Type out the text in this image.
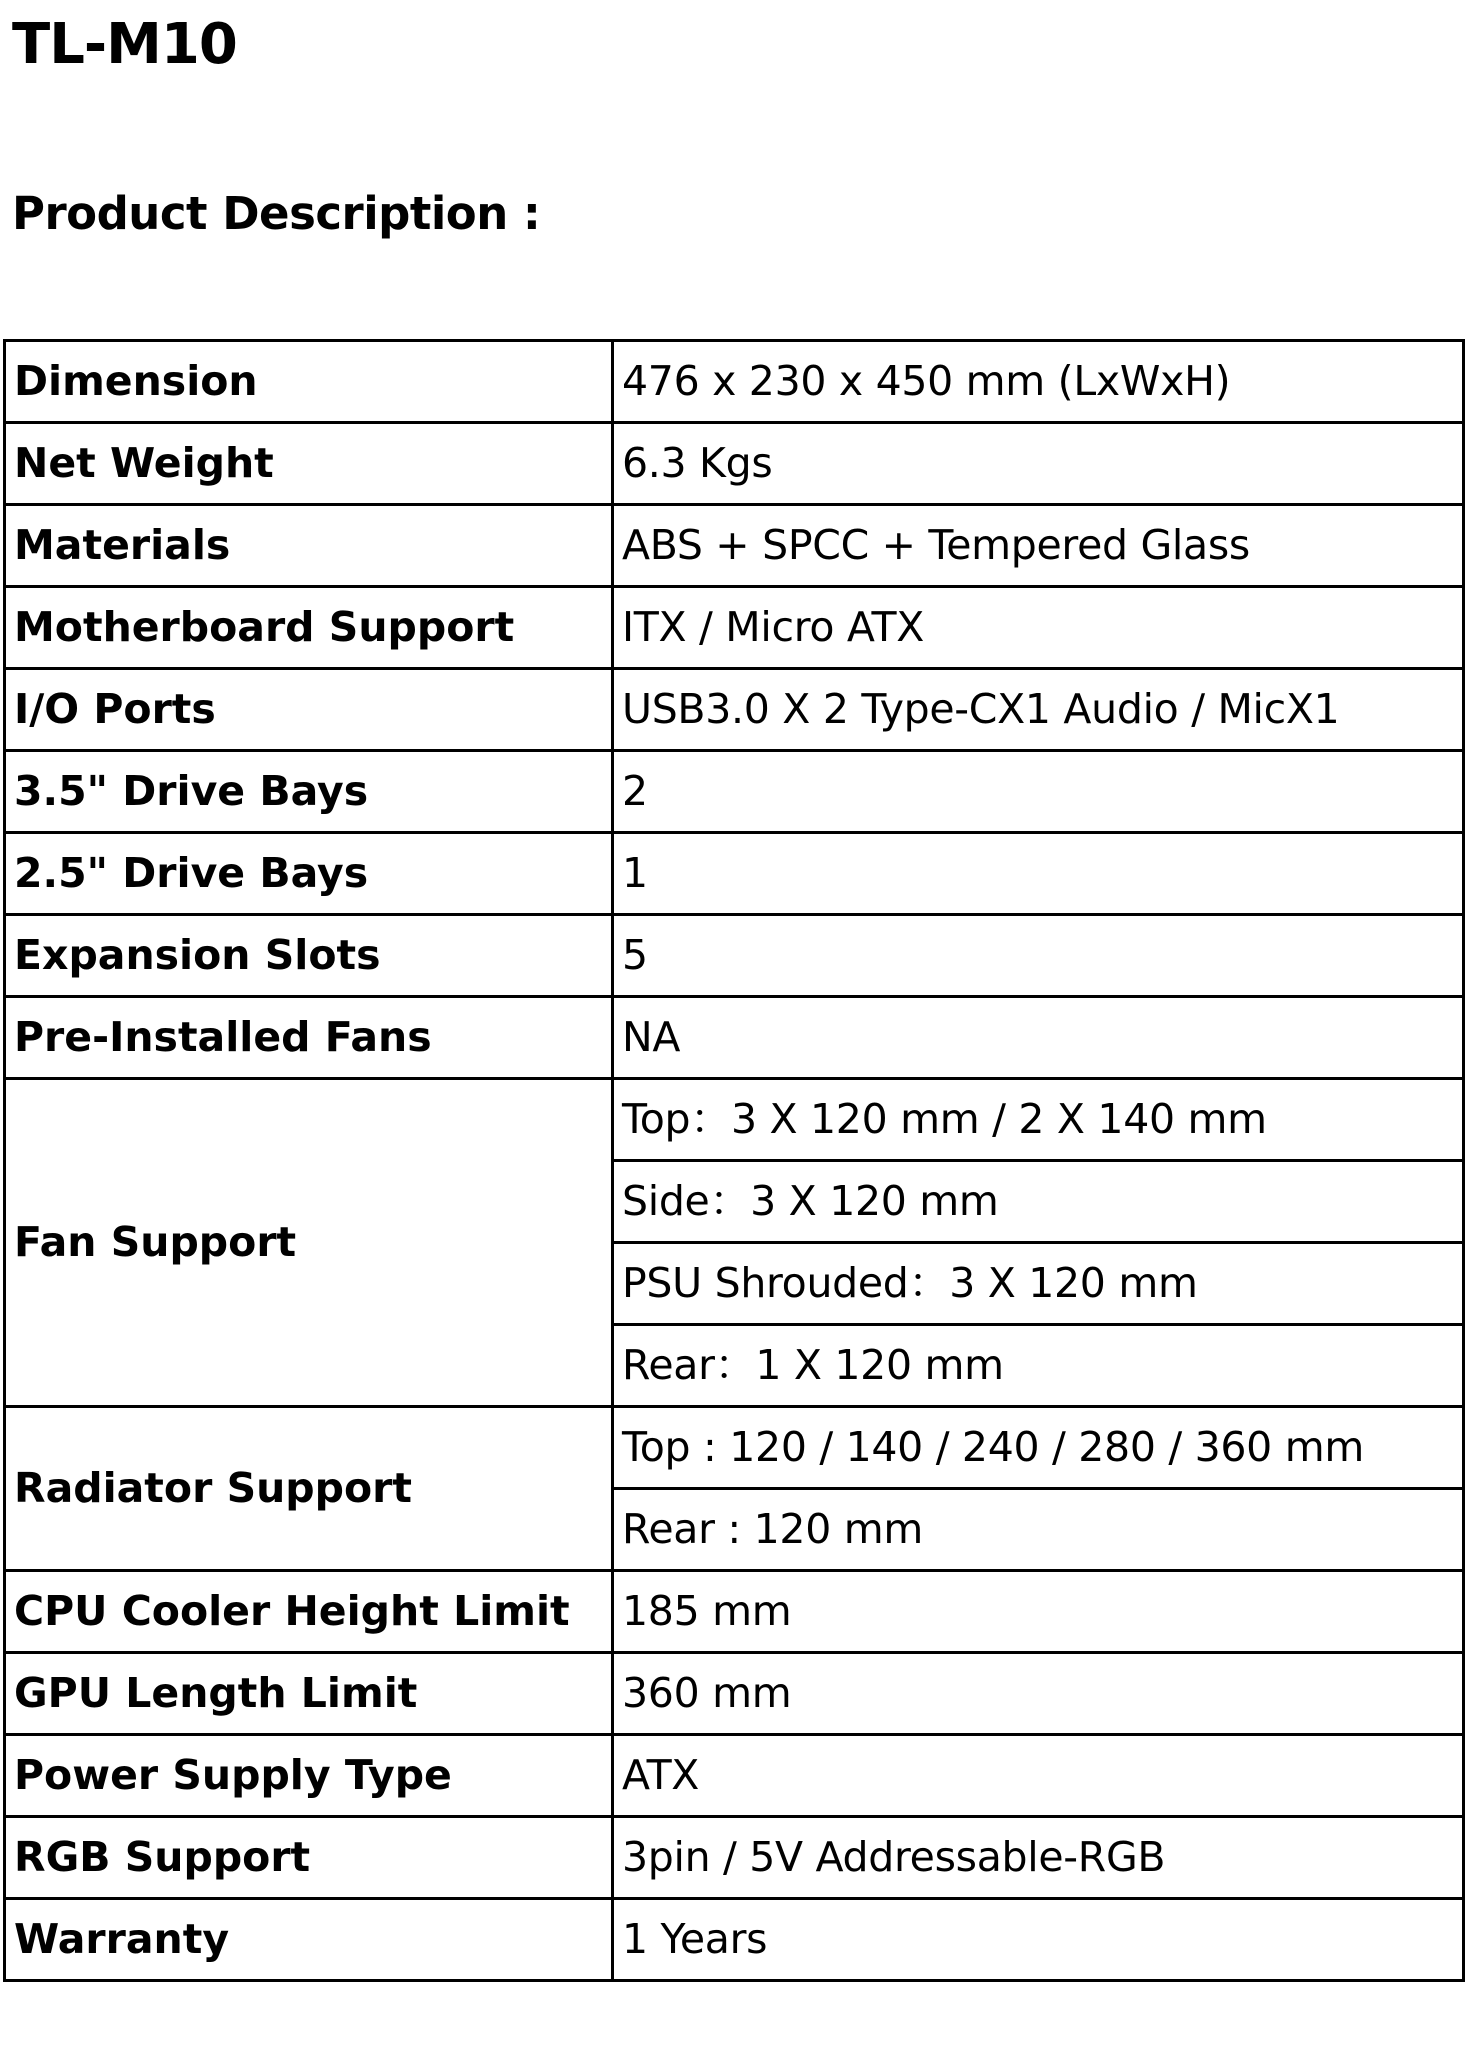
TL-M10
Product Description :
Dimension	476 x 230 x 450 mm (LxWxH)
Net Weight	6.3 Kgs
Materials	ABS + SPCC + Tempered Glass
Motherboard Support	ITX / Micro ATX
I/O Ports	USB3.0 X 2 Type-CX1 Audio / MicX1
3.5" Drive Bays	2
2.5" Drive Bays	1
Expansion Slots	5
Pre-Installed Fans	NA
Fan Support	Top：3 X 120 mm / 2 X 140 mm
	Side：3 X 120 mm
	PSU Shrouded：3 X 120 mm
	Rear：1 X 120 mm
Radiator Support	Top : 120 / 140 / 240 / 280 / 360 mm
	Rear : 120 mm
CPU Cooler Height Limit	185 mm
GPU Length Limit	360 mm
Power Supply Type	ATX
RGB Support	3pin / 5V Addressable-RGB
Warranty	1 Years
